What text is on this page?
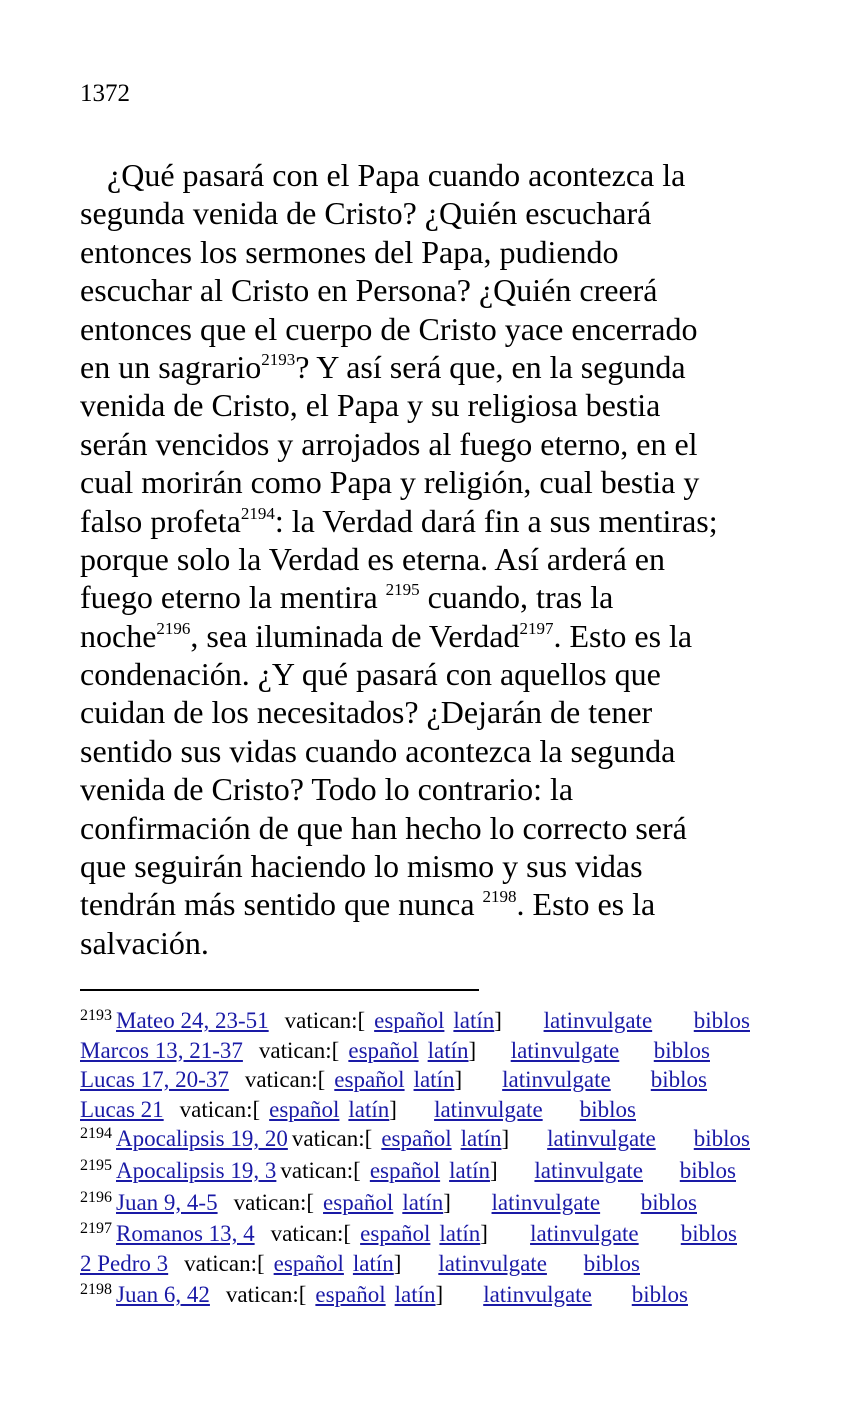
1372
¿Qué pasará con el Papa cuando acontezca la
segunda venida de Cristo? ¿Quién escuchará
entonces los sermones del Papa, pudiendo
escuchar al Cristo en Persona? ¿Quién creerá
entonces que el cuerpo de Cristo yace encerrado
en un sagrario$^{2193}$? Y así será que, en la segunda
venida de Cristo, el Papa y su religiosa bestia
serán vencidos y arrojados al fuego eterno, en el
cual morirán como Papa y religión, cual bestia y
falso profeta$^{2194}$: la Verdad dará fin a sus mentiras;
porque solo la Verdad es eterna. Así arderá en
fuego eterno la mentira $^{2195}$ cuando, tras la
noche$^{2196}$, sea iluminada de Verdad$^{2197}$. Esto es la
condenación. ¿Y qué pasará con aquellos que
cuidan de los necesitados? ¿Dejarán de tener
sentido sus vidas cuando acontezca la segunda
venida de Cristo? Todo lo contrario: la
confirmación de que han hecho lo correcto será
que seguirán haciendo lo mismo y sus vidas
tendrán más sentido que nunca $^{2198}$. Esto es la
salvación.
$^{2193}$ Mateo 24, 23-51 vatican:[ español latín] latinvulgate biblos
Marcos 13, 21-37 vatican:[ español latín] latinvulgate biblos
Lucas 17, 20-37 vatican:[ español latín] latinvulgate biblos
Lucas 21 vatican:[ español latín] latinvulgate biblos
$^{2194}$ Apocalipsis 19, 20 vatican:[ español latín] latinvulgate biblos
$^{2195}$ Apocalipsis 19, 3 vatican:[ español latín] latinvulgate biblos
$^{2196}$ Juan 9, 4-5 vatican:[ español latín] latinvulgate biblos
$^{2197}$ Romanos 13, 4 vatican:[ español latín] latinvulgate biblos
2 Pedro 3 vatican:[ español latín] latinvulgate biblos
$^{2198}$ Juan 6, 42 vatican:[ español latín] latinvulgate biblos
